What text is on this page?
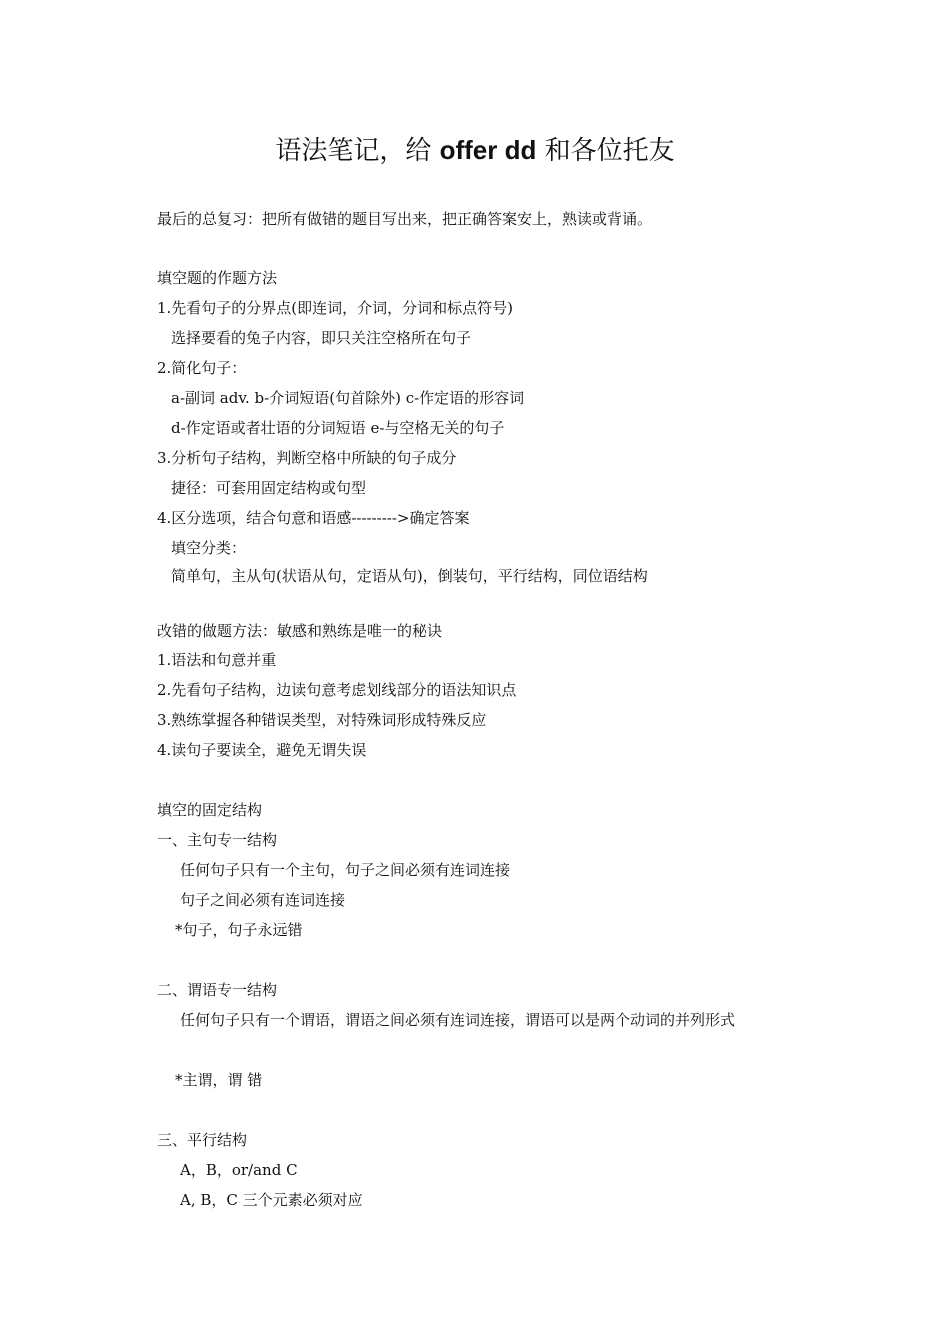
语法笔记，给 offer dd 和各位托友
最后的总复习：把所有做错的题目写出来，把正确答案安上，熟读或背诵。
填空题的作题方法
1.先看句子的分界点(即连词，介词，分词和标点符号)
选择要看的兔子内容，即只关注空格所在句子
2.简化句子：
a-副词 adv. b-介词短语(句首除外) c-作定语的形容词
d-作定语或者壮语的分词短语 e-与空格无关的句子
3.分析句子结构，判断空格中所缺的句子成分
捷径：可套用固定结构或句型
4.区分选项，结合句意和语感--------->确定答案
填空分类：
简单句，主从句(状语从句，定语从句)，倒装句，平行结构，同位语结构
改错的做题方法：敏感和熟练是唯一的秘诀
1.语法和句意并重
2.先看句子结构，边读句意考虑划线部分的语法知识点
3.熟练掌握各种错误类型，对特殊词形成特殊反应
4.读句子要读全，避免无谓失误
填空的固定结构
一、主句专一结构
任何句子只有一个主句，句子之间必须有连词连接
句子之间必须有连词连接
*句子，句子永远错
二、谓语专一结构
任何句子只有一个谓语，谓语之间必须有连词连接，谓语可以是两个动词的并列形式
*主谓，谓 错
三、平行结构
A，B，or/and C
A, B，C 三个元素必须对应
